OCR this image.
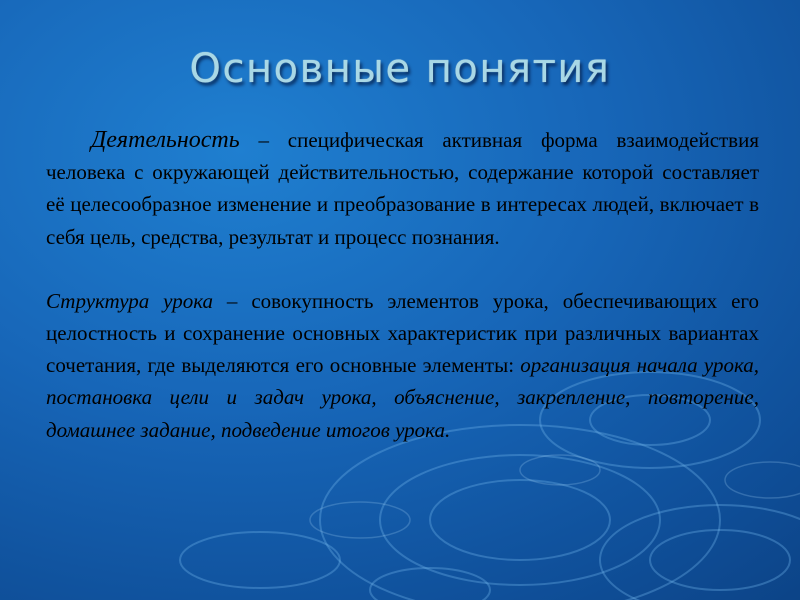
Основные понятия

Деятельность – специфическая активная форма взаимодействия человека с окружающей действительностью, содержание которой составляет её целесообразное изменение и преобразование в интересах людей, включает в себя цель, средства, результат и процесс познания.

Структура урока – совокупность элементов урока, обеспечивающих его целостность и сохранение основных характеристик при различных вариантах сочетания, где выделяются его основные элементы: организация начала урока, постановка цели и задач урока, объяснение, закрепление, повторение, домашнее задание, подведение итогов урока.
